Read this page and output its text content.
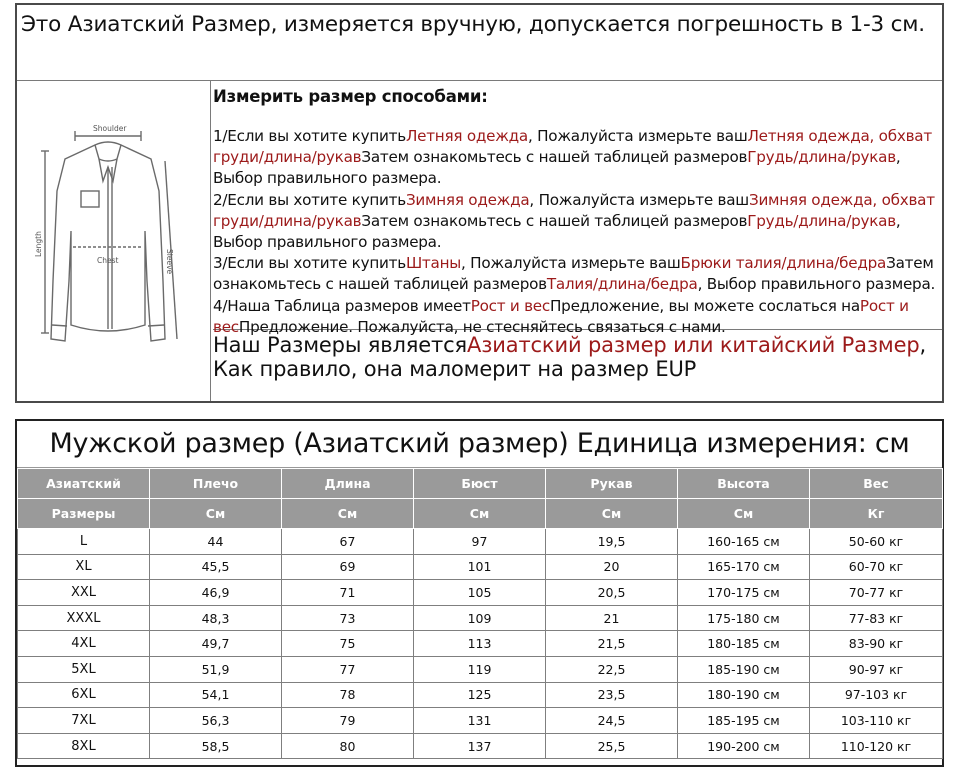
Это Азиатский Размер, измеряется вручную, допускается погрешность в 1-3 см.
Shoulder
Chest
Length
Sleeve
Измерить размер способами:

1/Если вы хотите купитьЛетняя одежда, Пожалуйста измерьте вашЛетняя одежда, обхват груди/длина/рукавЗатем ознакомьтесь с нашей таблицей размеровГрудь/длина/рукав, Выбор правильного размера.

2/Если вы хотите купитьЗимняя одежда, Пожалуйста измерьте вашЗимняя одежда, обхват груди/длина/рукавЗатем ознакомьтесь с нашей таблицей размеровГрудь/длина/рукав, Выбор правильного размера.

3/Если вы хотите купитьШтаны, Пожалуйста измерьте вашБрюки талия/длина/бедраЗатем ознакомьтесь с нашей таблицей размеровТалия/длина/бедра, Выбор правильного размера.

4/Наша Таблица размеров имеетРост и весПредложение, вы можете сослаться наРост и весПредложение. Пожалуйста, не стесняйтесь связаться с нами.

Наш Размеры являетсяАзиатский размер или китайский Размер, Как правило, она маломерит на размер EUP
Мужской размер (Азиатский размер) Единица измерения: см
Азиатский	Плечо	Длина	Бюст	Рукав	Высота	Вес
Размеры	См	См	См	См	См	Кг
L	44	67	97	19,5	160-165 см	50-60 кг
XL	45,5	69	101	20	165-170 см	60-70 кг
XXL	46,9	71	105	20,5	170-175 см	70-77 кг
XXXL	48,3	73	109	21	175-180 см	77-83 кг
4XL	49,7	75	113	21,5	180-185 см	83-90 кг
5XL	51,9	77	119	22,5	185-190 см	90-97 кг
6XL	54,1	78	125	23,5	180-190 см	97-103 кг
7XL	56,3	79	131	24,5	185-195 см	103-110 кг
8XL	58,5	80	137	25,5	190-200 см	110-120 кг
